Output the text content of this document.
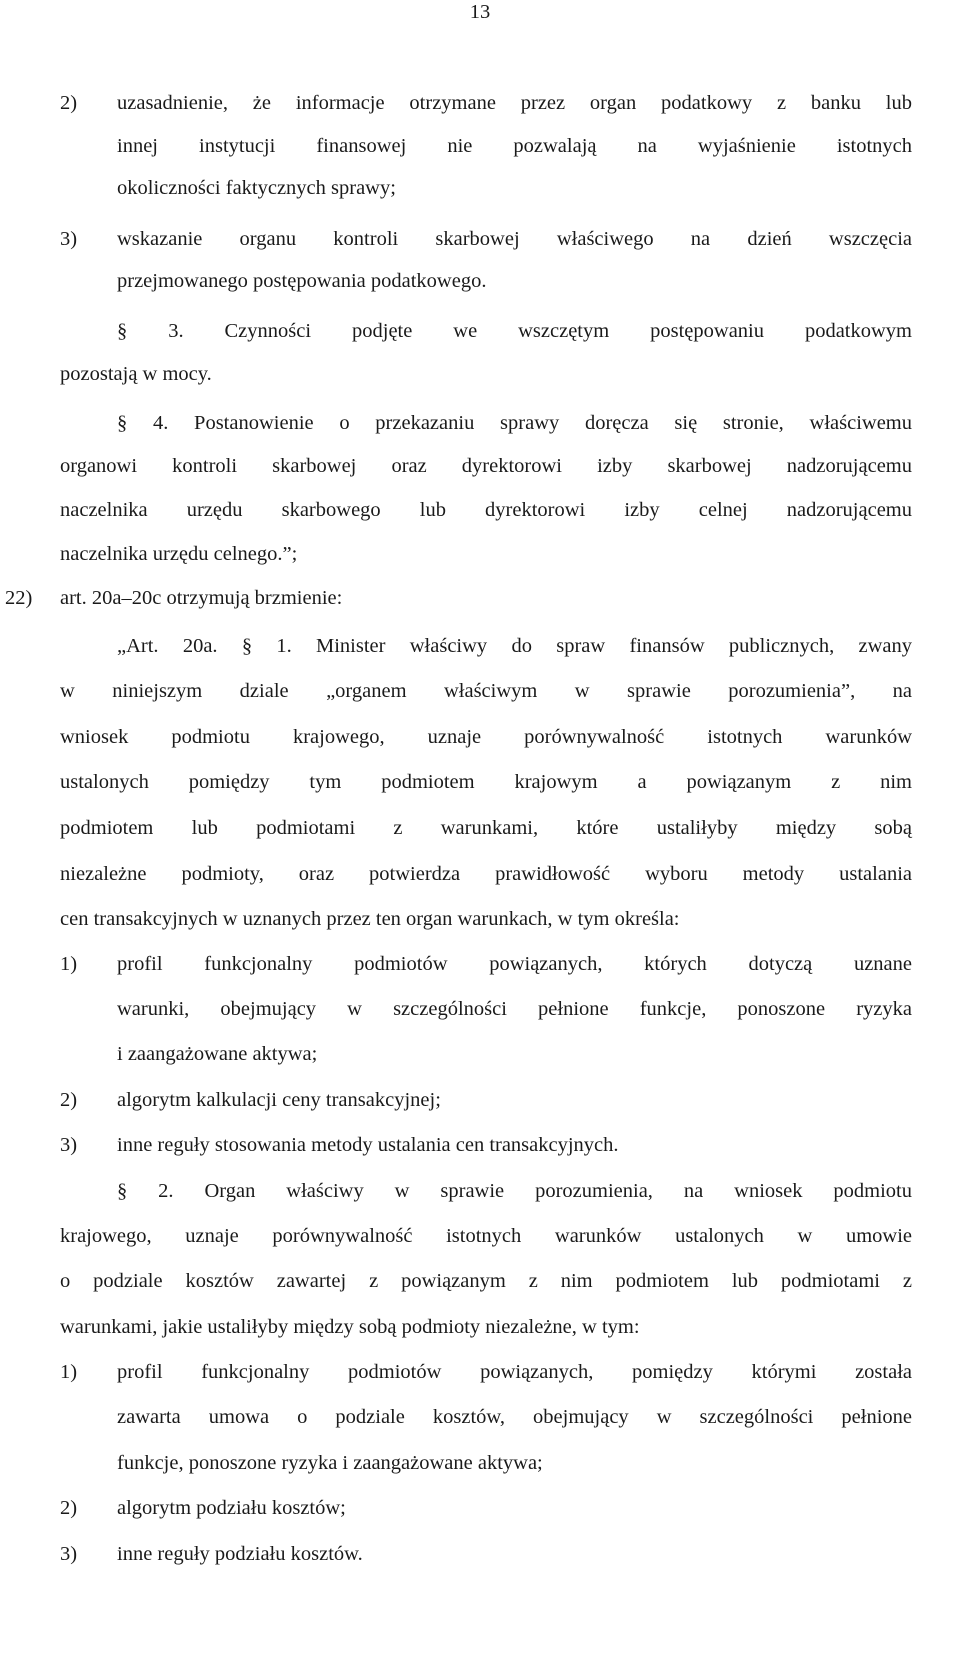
13
2) uzasadnienie, że informacje otrzymane przez organ podatkowy z banku lub
innej instytucji finansowej nie pozwalają na wyjaśnienie istotnych
okoliczności faktycznych sprawy;
3) wskazanie organu kontroli skarbowej właściwego na dzień wszczęcia
przejmowanego postępowania podatkowego.
§ 3. Czynności podjęte we wszczętym postępowaniu podatkowym
pozostają w mocy.
§ 4. Postanowienie o przekazaniu sprawy doręcza się stronie, właściwemu
organowi kontroli skarbowej oraz dyrektorowi izby skarbowej nadzorującemu
naczelnika urzędu skarbowego lub dyrektorowi izby celnej nadzorującemu
naczelnika urzędu celnego.”;
22) art. 20a–20c otrzymują brzmienie:
„Art. 20a. § 1. Minister właściwy do spraw finansów publicznych, zwany
w niniejszym dziale „organem właściwym w sprawie porozumienia”, na
wniosek podmiotu krajowego, uznaje porównywalność istotnych warunków
ustalonych pomiędzy tym podmiotem krajowym a powiązanym z nim
podmiotem lub podmiotami z warunkami, które ustaliłyby między sobą
niezależne podmioty, oraz potwierdza prawidłowość wyboru metody ustalania
cen transakcyjnych w uznanych przez ten organ warunkach, w tym określa:
1) profil funkcjonalny podmiotów powiązanych, których dotyczą uznane
warunki, obejmujący w szczególności pełnione funkcje, ponoszone ryzyka
i zaangażowane aktywa;
2) algorytm kalkulacji ceny transakcyjnej;
3) inne reguły stosowania metody ustalania cen transakcyjnych.
§ 2. Organ właściwy w sprawie porozumienia, na wniosek podmiotu
krajowego, uznaje porównywalność istotnych warunków ustalonych w umowie
o podziale kosztów zawartej z powiązanym z nim podmiotem lub podmiotami z
warunkami, jakie ustaliłyby między sobą podmioty niezależne, w tym:
1) profil funkcjonalny podmiotów powiązanych, pomiędzy którymi została
zawarta umowa o podziale kosztów, obejmujący w szczególności pełnione
funkcje, ponoszone ryzyka i zaangażowane aktywa;
2) algorytm podziału kosztów;
3) inne reguły podziału kosztów.
